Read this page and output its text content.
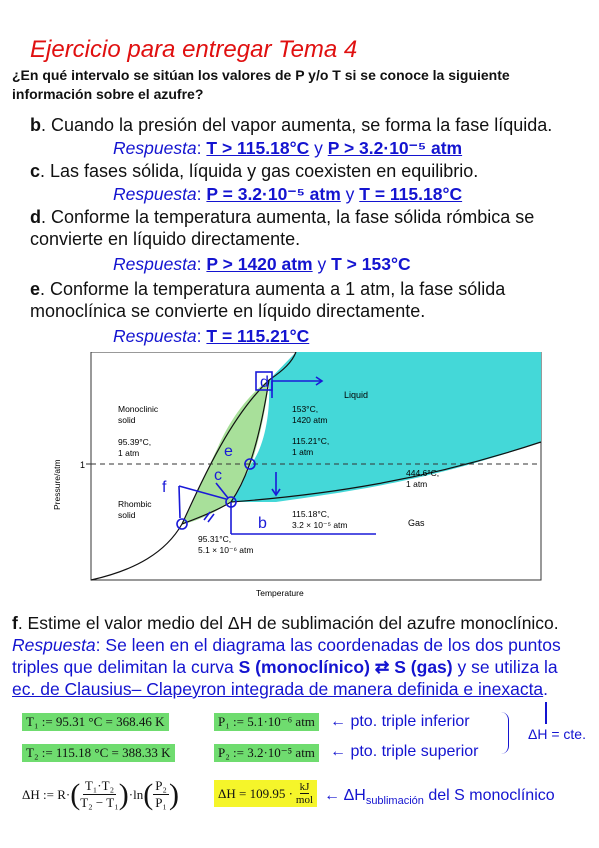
Ejercicio para entregar Tema 4
¿En qué intervalo se sitúan los valores de P y/o T si se conoce la siguiente información sobre el azufre?
b. Cuando la presión del vapor aumenta, se forma la fase líquida.
Respuesta: T > 115.18°C y P > 3.2·10⁻⁵ atm
c. Las fases sólida, líquida y gas coexisten en equilibrio.
Respuesta: P = 3.2·10⁻⁵ atm y T = 115.18°C
d. Conforme la temperatura aumenta, la fase sólida rómbica se
convierte en líquido directamente.
Respuesta: P > 1420 atm y T > 153°C
e. Conforme la temperatura aumenta a 1 atm, la fase sólida
monoclínica se convierte en líquido directamente.
Respuesta: T = 115.21°C
Liquid
Gas
Monoclinic
solid
Rhombic
solid
153°C,
1420 atm
95.39°C,
1 atm
115.21°C,
1 atm
444.6°C,
1 atm
115.18°C,
3.2 × 10⁻⁵ atm
95.31°C,
5.1 × 10⁻⁶ atm
Temperature
Pressure/atm 1
d
e
c
f
b
f. Estime el valor medio del ΔH de sublimación del azufre monoclínico.
Respuesta: Se leen en el diagrama las coordenadas de los dos puntos
triples que delimitan la curva S (monoclínico) ⇄ S (gas) y se utiliza la
ec. de Clausius– Clapeyron integrada de manera definida e inexacta.
T₁ := 95.31 °C = 368.46 K
T₂ := 115.18 °C = 388.33 K
P₁ := 5.1·10⁻⁶ atm
P₂ := 3.2·10⁻⁵ atm
← pto. triple inferior
← pto. triple superior
ΔH = cte.
ΔH := R· ( $\frac{\text{T₁·T₂}}{\text{T₂ − T₁}}$ ) ·ln ( $\frac{\text{P₂}}{\text{P₁}}$ )	ΔH = 109.95 · kJ
mol ← $\Delta H_{sublimación}$ del S monoclínico
